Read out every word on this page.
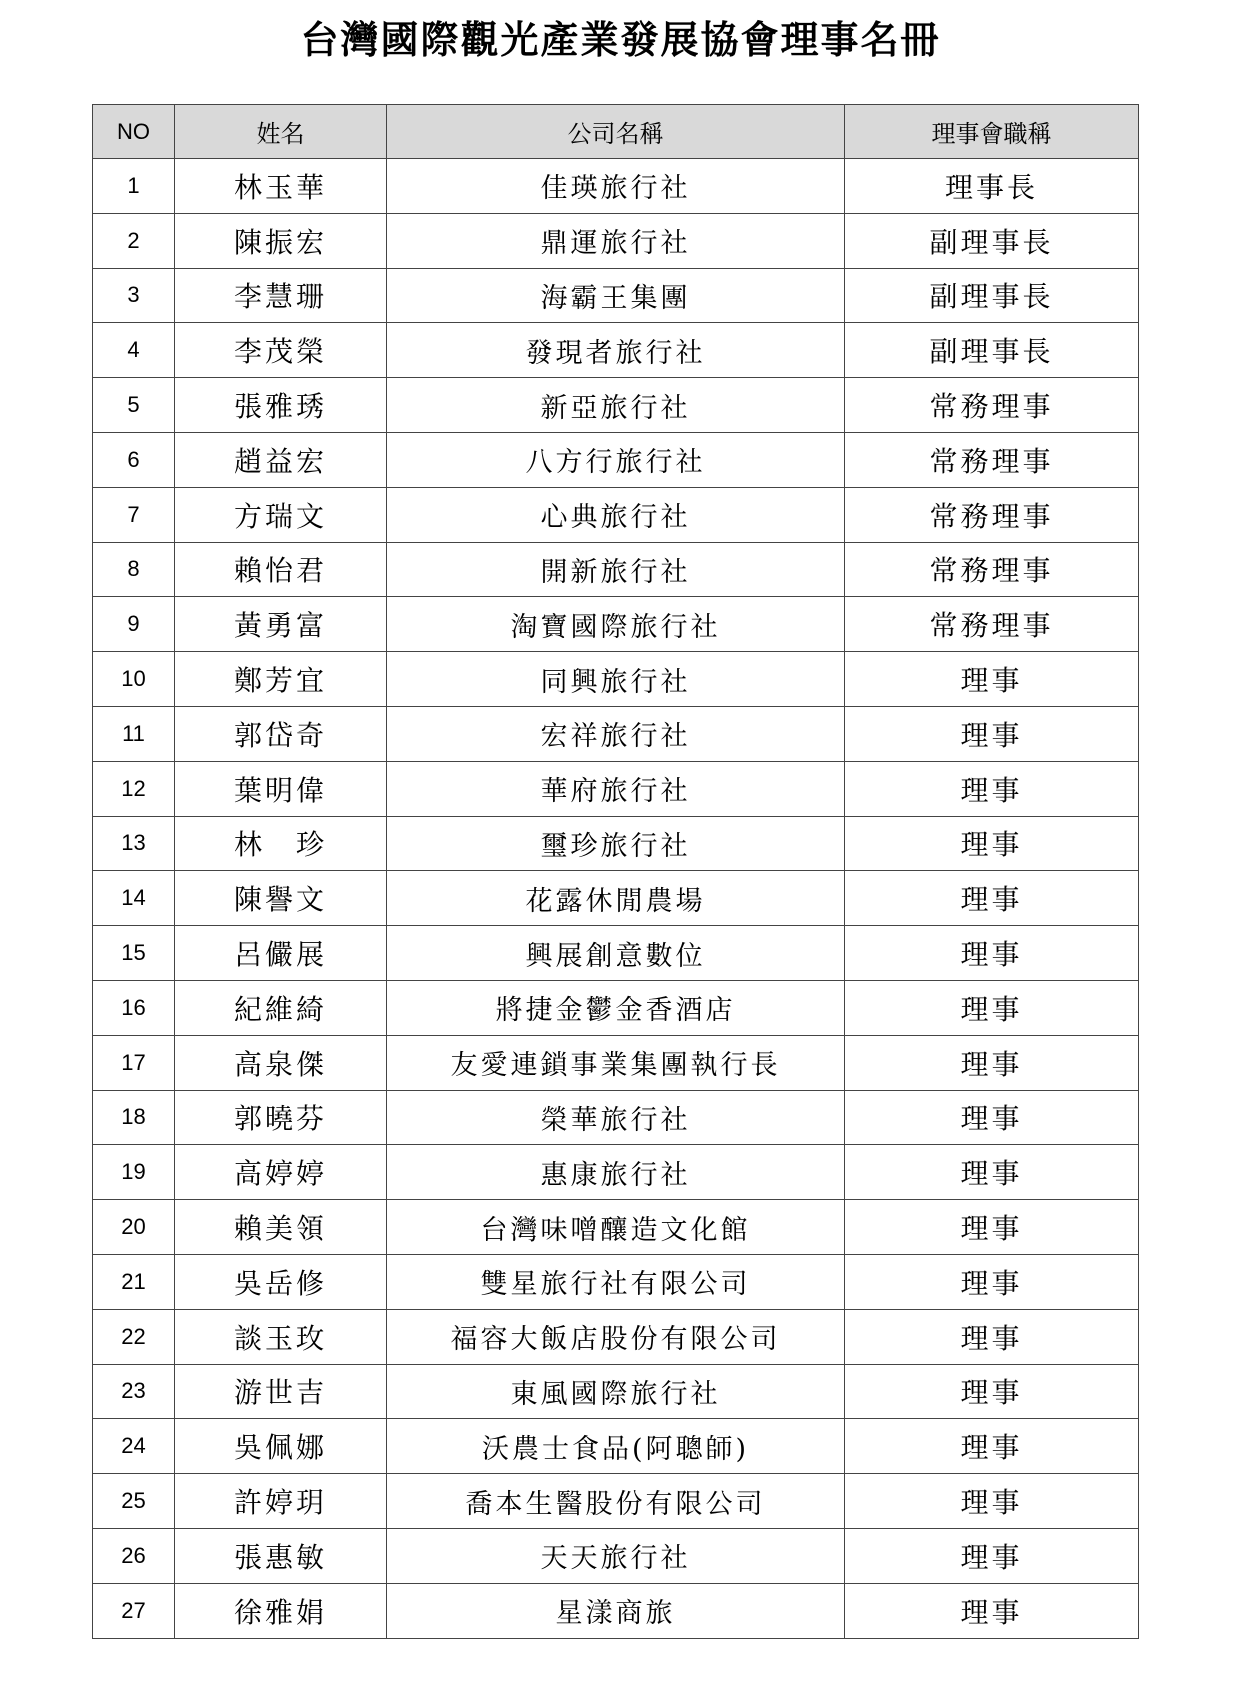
台灣國際觀光產業發展協會理事名冊
NO	姓名	公司名稱	理事會職稱
1	林玉華	佳瑛旅行社	理事長
2	陳振宏	鼎運旅行社	副理事長
3	李慧珊	海霸王集團	副理事長
4	李茂榮	發現者旅行社	副理事長
5	張雅琇	新亞旅行社	常務理事
6	趙益宏	八方行旅行社	常務理事
7	方瑞文	心典旅行社	常務理事
8	賴怡君	開新旅行社	常務理事
9	黃勇富	淘寶國際旅行社	常務理事
10	鄭芳宜	同興旅行社	理事
11	郭岱奇	宏祥旅行社	理事
12	葉明偉	華府旅行社	理事
13	林　珍	璽珍旅行社	理事
14	陳譽文	花露休閒農場	理事
15	呂儼展	興展創意數位	理事
16	紀維綺	將捷金鬱金香酒店	理事
17	高泉傑	友愛連鎖事業集團執行長	理事
18	郭曉芬	榮華旅行社	理事
19	高婷婷	惠康旅行社	理事
20	賴美領	台灣味噌釀造文化館	理事
21	吳岳修	雙星旅行社有限公司	理事
22	談玉玫	福容大飯店股份有限公司	理事
23	游世吉	東風國際旅行社	理事
24	吳佩娜	沃農士食品(阿聰師)	理事
25	許婷玥	喬本生醫股份有限公司	理事
26	張惠敏	天天旅行社	理事
27	徐雅娟	星漾商旅	理事
